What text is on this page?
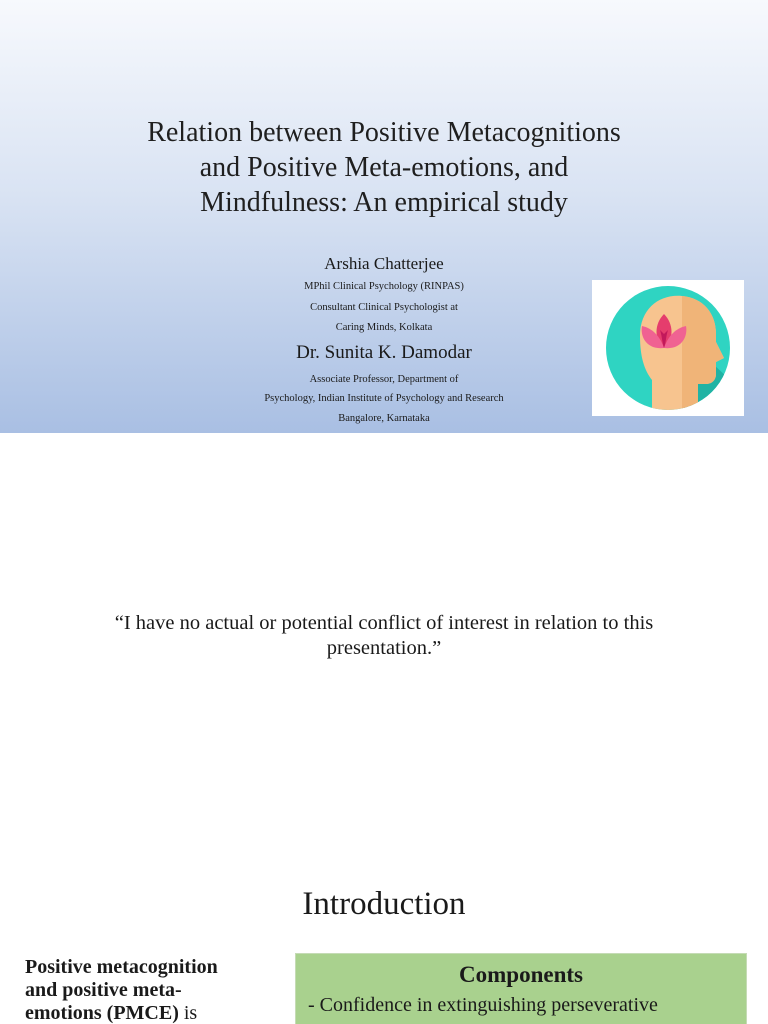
Relation between Positive Metacognitions
and Positive Meta-emotions, and
Mindfulness: An empirical study
Arshia Chatterjee
MPhil Clinical Psychology (RINPAS)
Consultant Clinical Psychologist at
Caring Minds, Kolkata
Dr. Sunita K. Damodar
Associate Professor, Department of
Psychology, Indian Institute of Psychology and Research
Bangalore, Karnataka
“I have no actual or potential conflict of interest in relation to this
presentation.”
Introduction
Positive metacognition
and positive meta-
emotions (PMCE) is
Components
- Confidence in extinguishing perseverative
